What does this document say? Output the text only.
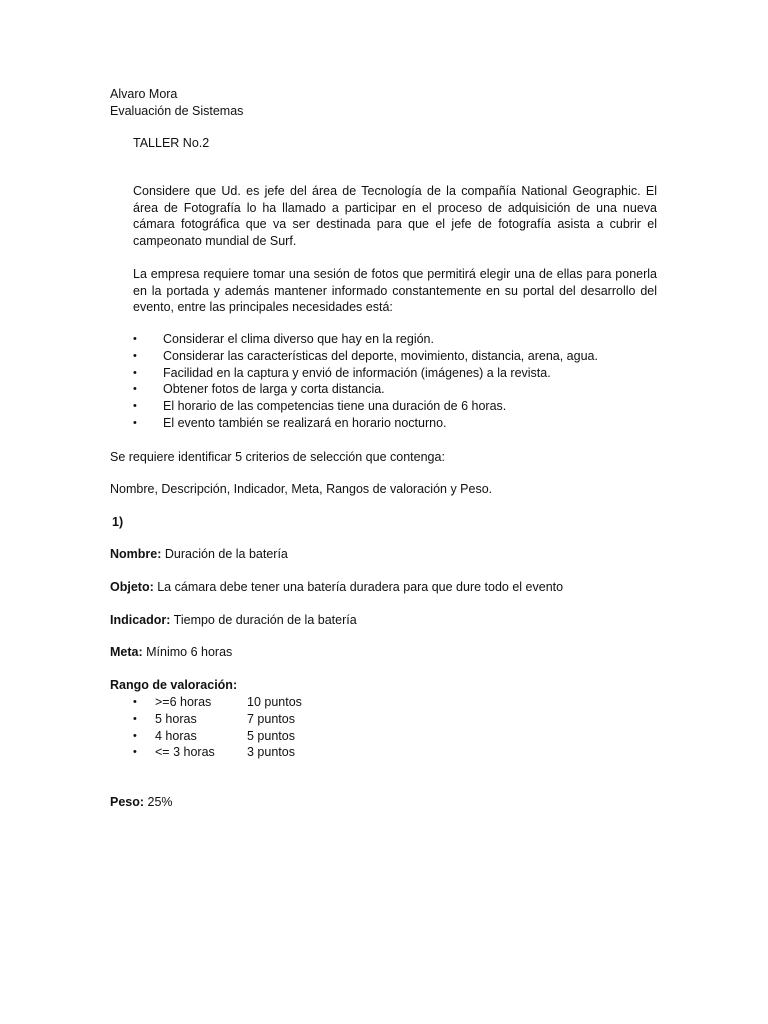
Alvaro Mora
Evaluación de Sistemas
TALLER No.2
Considere que Ud. es jefe del área de Tecnología de la compañía National Geographic. El área de Fotografía lo ha llamado a participar en el proceso de adquisición de una nueva cámara fotográfica que va ser destinada para que el jefe de fotografía asista a cubrir el campeonato mundial de Surf.
La empresa requiere tomar una sesión de fotos que permitirá elegir una de ellas para ponerla en la portada y además mantener informado constantemente en su portal del desarrollo del evento, entre las principales necesidades está:
• Considerar el clima diverso que hay en la región.
• Considerar las características del deporte, movimiento, distancia, arena, agua.
• Facilidad en la captura y envió de información (imágenes) a la revista.
• Obtener fotos de larga y corta distancia.
• El horario de las competencias tiene una duración de 6 horas.
• El evento también se realizará en horario nocturno.
Se requiere identificar 5 criterios de selección que contenga:
Nombre, Descripción, Indicador, Meta, Rangos de valoración y Peso.
1)
Nombre: Duración de la batería
Objeto: La cámara debe tener una batería duradera para que dure todo el evento
Indicador: Tiempo de duración de la batería
Meta: Mínimo 6 horas
Rango de valoración:
• >=6 horas	10 puntos
• 5 horas	7 puntos
• 4 horas	5 puntos
• <= 3 horas	3 puntos
Peso: 25%
